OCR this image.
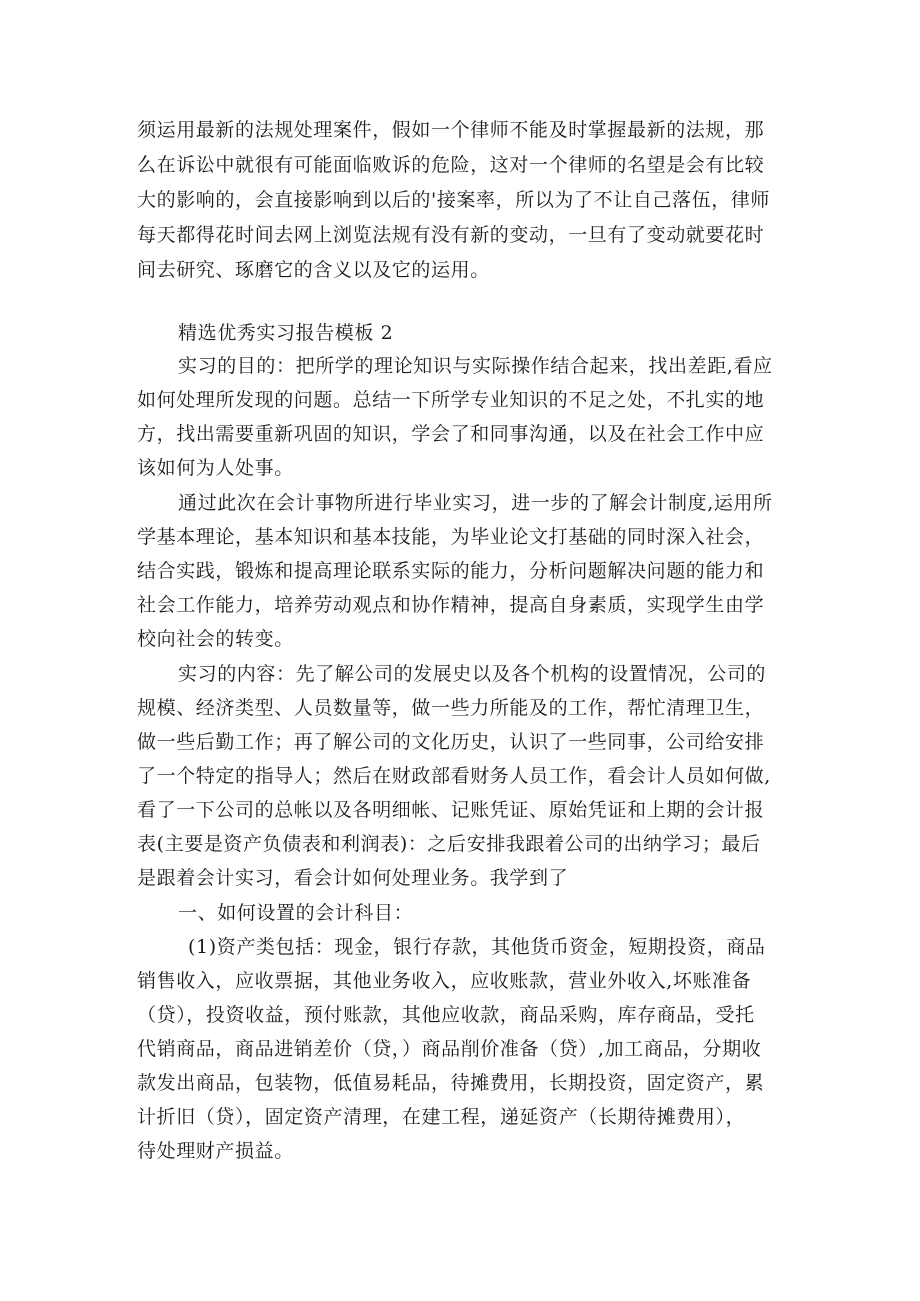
须运用最新的法规处理案件，假如一个律师不能及时掌握最新的法规，那
么在诉讼中就很有可能面临败诉的危险，这对一个律师的名望是会有比较
大的影响的，会直接影响到以后的'接案率，所以为了不让自己落伍，律师
每天都得花时间去网上浏览法规有没有新的变动，一旦有了变动就要花时
间去研究、琢磨它的含义以及它的运用。
精选优秀实习报告模板 2
实习的目的：把所学的理论知识与实际操作结合起来，找出差距,看应
如何处理所发现的问题。总结一下所学专业知识的不足之处，不扎实的地
方，找出需要重新巩固的知识，学会了和同事沟通，以及在社会工作中应
该如何为人处事。
通过此次在会计事物所进行毕业实习，进一步的了解会计制度,运用所
学基本理论，基本知识和基本技能，为毕业论文打基础的同时深入社会，
结合实践，锻炼和提高理论联系实际的能力，分析问题解决问题的能力和
社会工作能力，培养劳动观点和协作精神，提高自身素质，实现学生由学
校向社会的转变。
实习的内容：先了解公司的发展史以及各个机构的设置情况，公司的
规模、经济类型、人员数量等，做一些力所能及的工作，帮忙清理卫生，
做一些后勤工作；再了解公司的文化历史，认识了一些同事，公司给安排
了一个特定的指导人；然后在财政部看财务人员工作，看会计人员如何做,
看了一下公司的总帐以及各明细帐、记账凭证、原始凭证和上期的会计报
表(主要是资产负债表和利润表)：之后安排我跟着公司的出纳学习；最后
是跟着会计实习，看会计如何处理业务。我学到了
一、如何设置的会计科目：
(1)资产类包括：现金，银行存款，其他货币资金，短期投资，商品
销售收入，应收票据，其他业务收入，应收账款，营业外收入,坏账准备
（贷），投资收益，预付账款，其他应收款，商品采购，库存商品，受托
代销商品，商品进销差价（贷，）商品削价准备（贷）,加工商品，分期收
款发出商品，包装物，低值易耗品，待摊费用，长期投资，固定资产，累
计折旧（贷），固定资产清理，在建工程，递延资产（长期待摊费用），
待处理财产损益。
